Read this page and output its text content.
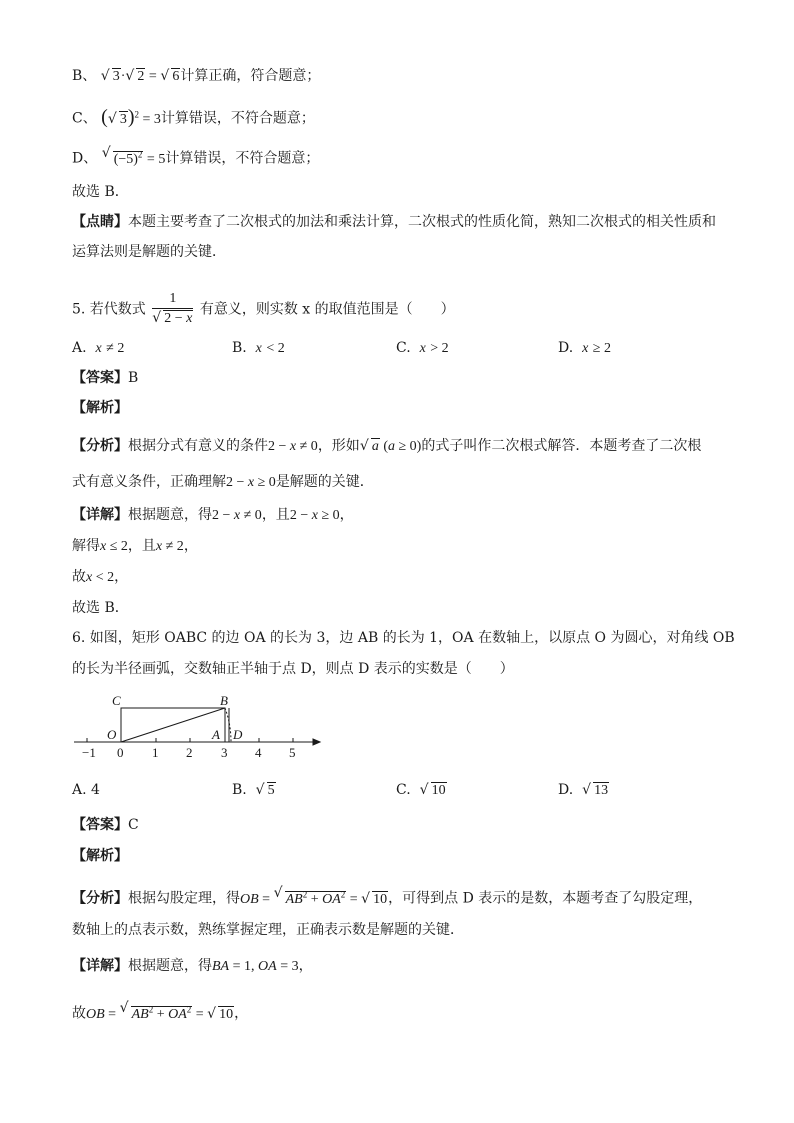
B、 √ 3· √ 2 = √ 6计算正确，符合题意；
C、 ( √ 3)$^2$ = 3计算错误，不符合题意；
D、 √ $(-5)^2 = 5$计算错误，不符合题意；
故选 B．
【点睛】本题主要考查了二次根式的加法和乘法计算，二次根式的性质化简，熟知二次根式的相关性质和
运算法则是解题的关键．
5. 若代数式 1
√ 2 − x 有意义，则实数 x 的取值范围是（　　）
A. x ≠ 2	B. x < 2	C. x > 2	D. x ≥ 2
【答案】B
【解析】
【分析】根据分式有意义的条件2 − x ≠ 0，形如 √ a (a ≥ 0)的式子叫作二次根式解答．本题考查了二次根
式有意义条件，正确理解2 − x ≥ 0是解题的关键．
【详解】根据题意，得2 − x ≠ 0，且2 − x ≥ 0，
解得x ≤ 2，且x ≠ 2，
故x < 2，
故选 B．
6. 如图，矩形 OABC 的边 OA 的长为 3，边 AB 的长为 1，OA 在数轴上，以原点 O 为圆心，对角线 OB
的长为半径画弧，交数轴正半轴于点 D，则点 D 表示的实数是（　　）
C	B
O	A D
−1 0 1 2 3 4 5
A. 4	B. √ 5	C. √ 10	D. √ 13
【答案】C
【解析】
【分析】根据勾股定理，得OB = √ $AB^2 + OA^2$ = √ 10，可得到点 D 表示的是数，本题考查了勾股定理，
数轴上的点表示数，熟练掌握定理，正确表示数是解题的关键．
【详解】根据题意，得BA = 1, OA = 3，
故OB = √ $AB^2 + OA^2$ = √ 10，
